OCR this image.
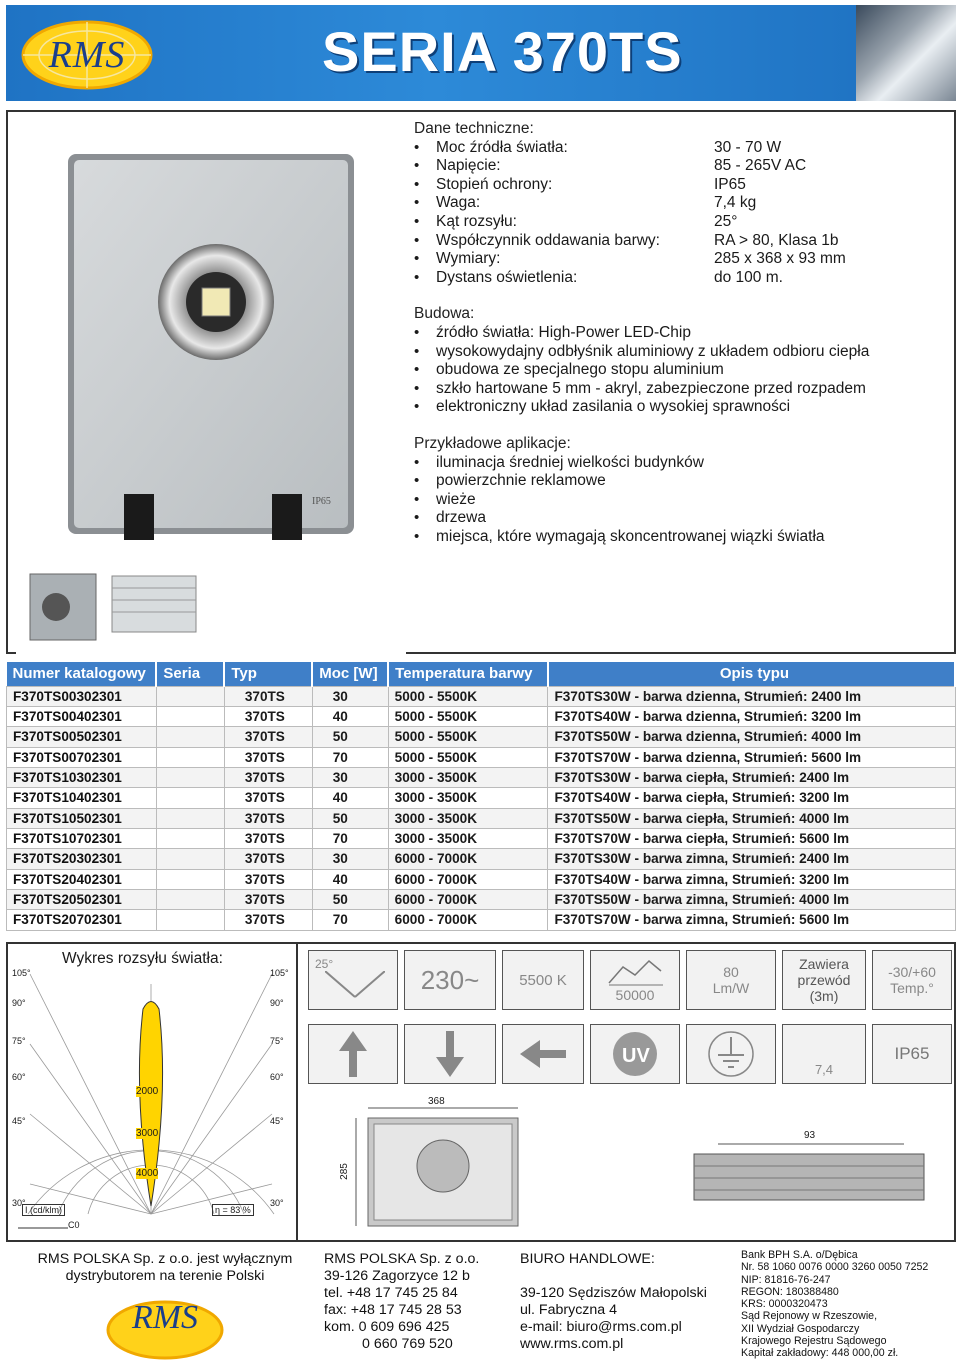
RMS	SERIA 370TS
IP65
Dane techniczne:
• Moc źródła światła:	30 - 70 W
• Napięcie:	85 - 265V AC
• Stopień ochrony:	IP65
• Waga:	7,4 kg
• Kąt rozsyłu:	25°
• Współczynnik oddawania barwy:	RA > 80, Klasa 1b
• Wymiary:	285 x 368 x 93 mm
• Dystans oświetlenia:	do 100 m.
Budowa:
• źródło światła: High-Power LED-Chip
• wysokowydajny odbłyśnik aluminiowy z układem odbioru ciepła
• obudowa ze specjalnego stopu aluminium
• szkło hartowane 5 mm - akryl, zabezpieczone przed rozpadem
• elektroniczny układ zasilania o wysokiej sprawności
Przykładowe aplikacje:
• iluminacja średniej wielkości budynków
• powierzchnie reklamowe
• wieże
• drzewa
• miejsca, które wymagają skoncentrowanej wiązki światła
Numer katalogowy	Seria	Typ	Moc [W]	Temperatura barwy	Opis typu
F370TS00302301		370TS	30	5000 - 5500K	F370TS30W - barwa dzienna, Strumień: 2400 lm
F370TS00402301		370TS	40	5000 - 5500K	F370TS40W - barwa dzienna, Strumień: 3200 lm
F370TS00502301		370TS	50	5000 - 5500K	F370TS50W - barwa dzienna, Strumień: 4000 lm
F370TS00702301		370TS	70	5000 - 5500K	F370TS70W - barwa dzienna, Strumień: 5600 lm
F370TS10302301		370TS	30	3000 - 3500K	F370TS30W - barwa ciepła, Strumień: 2400 lm
F370TS10402301		370TS	40	3000 - 3500K	F370TS40W - barwa ciepła, Strumień: 3200 lm
F370TS10502301		370TS	50	3000 - 3500K	F370TS50W - barwa ciepła, Strumień: 4000 lm
F370TS10702301		370TS	70	3000 - 3500K	F370TS70W - barwa ciepła, Strumień: 5600 lm
F370TS20302301		370TS	30	6000 - 7000K	F370TS30W - barwa zimna, Strumień: 2400 lm
F370TS20402301		370TS	40	6000 - 7000K	F370TS40W - barwa zimna, Strumień: 3200 lm
F370TS20502301		370TS	50	6000 - 7000K	F370TS50W - barwa zimna, Strumień: 4000 lm
F370TS20702301		370TS	70	6000 - 7000K	F370TS70W - barwa zimna, Strumień: 5600 lm
Wykres rozsyłu światła:
I (cd/klm)	η = 83 %
C0
105°
90°
75°
60°
45°
30°
105°
90°
75°
60°
45°
30°
2000
3000
4000
25°
230~	5500 K
50000
80
Lm/W
Zawiera
przewód
(3m)
-30/+60
Temp.°
UV
7,4
IP65
368
285
93
RMS POLSKA Sp. z o.o. jest wyłącznym
dystrybutorem na terenie Polski
RMS
RMS POLSKA Sp. z o.o.
39-126 Zagorzyce 12 b
tel. +48 17 745 25 84
fax: +48 17 745 28 53
kom. 0 609 696 425
0 660 769 520
BIURO HANDLOWE:
39-120 Sędziszów Małopolski
ul. Fabryczna 4
e-mail: biuro@rms.com.pl
www.rms.com.pl
Bank BPH S.A. o/Dębica
Nr. 58 1060 0076 0000 3260 0050 7252
NIP: 81816-76-247
REGON: 180388480
KRS: 0000320473
Sąd Rejonowy w Rzeszowie,
XII Wydział Gospodarczy
Krajowego Rejestru Sądowego
Kapitał zakładowy: 448 000,00 zł.
